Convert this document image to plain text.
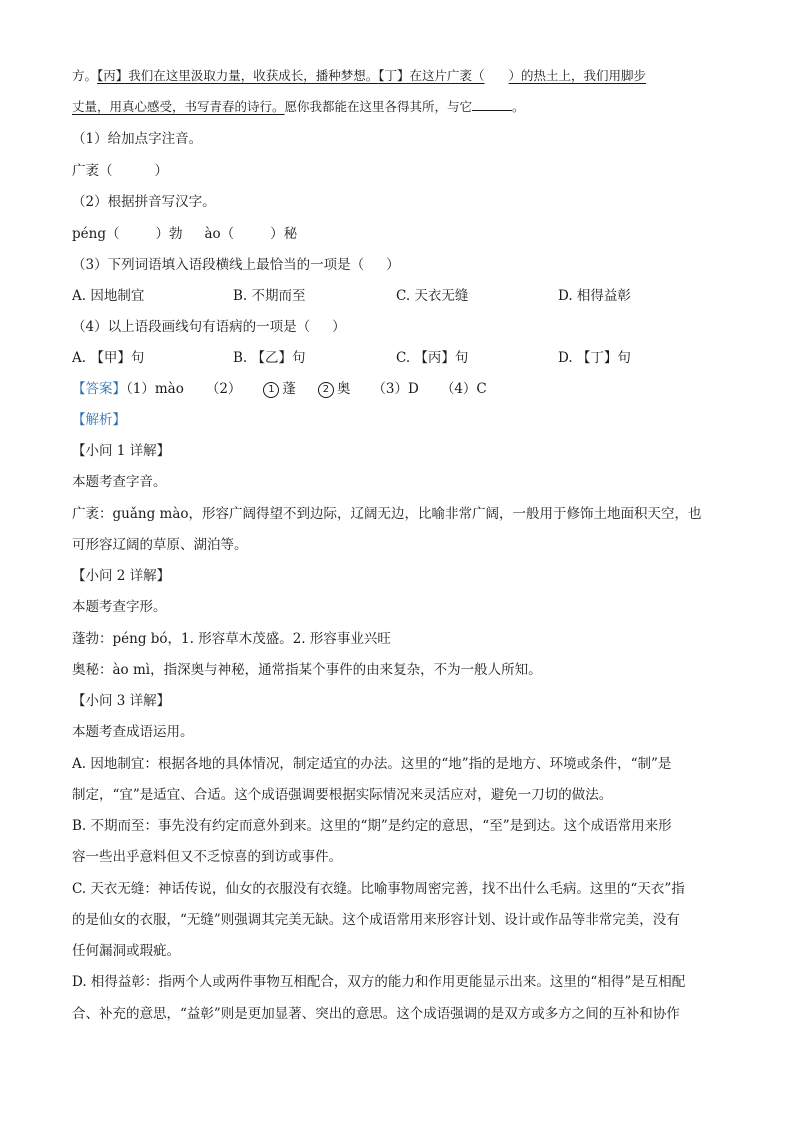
方。【丙】我们在这里汲取力量，收获成长，播种梦想。【丁】在这片广袤（ ）的热土上，我们用脚步
丈量，用真心感受，书写青春的诗行。愿你我都能在这里各得其所，与它	。
（1）给加点字注音。
广袤（	）
（2）根据拼音写汉字。
péng（	）勃 ào（	）秘
（3）下列词语填入语段横线上最恰当的一项是（ ）
A. 因地制宜	B. 不期而至	C. 天衣无缝	D. 相得益彰
（4）以上语段画线句有语病的一项是（ ）
A. 【甲】句	B. 【乙】句	C. 【丙】句	D. 【丁】句
【答案】（1）mào （2）	1 蓬	2 奥 （3）D （4）C
【解析】
【小问 1 详解】
本题考查字音。
广袤：guǎng mào，形容广阔得望不到边际，辽阔无边，比喻非常广阔，一般用于修饰土地面积天空，也
可形容辽阔的草原、湖泊等。
【小问 2 详解】
本题考查字形。
蓬勃：péng bó，1. 形容草木茂盛。2. 形容事业兴旺
奥秘：ào mì，指深奥与神秘，通常指某个事件的由来复杂，不为一般人所知。
【小问 3 详解】
本题考查成语运用。
A. 因地制宜：根据各地的具体情况，制定适宜的办法。这里的“地”指的是地方、环境或条件，“制”是
制定，“宜”是适宜、合适。这个成语强调要根据实际情况来灵活应对，避免一刀切的做法。
B. 不期而至：事先没有约定而意外到来。这里的“期”是约定的意思，“至”是到达。这个成语常用来形
容一些出乎意料但又不乏惊喜的到访或事件。
C. 天衣无缝：神话传说，仙女的衣服没有衣缝。比喻事物周密完善，找不出什么毛病。这里的“天衣”指
的是仙女的衣服，“无缝”则强调其完美无缺。这个成语常用来形容计划、设计或作品等非常完美，没有
任何漏洞或瑕疵。
D. 相得益彰：指两个人或两件事物互相配合，双方的能力和作用更能显示出来。这里的“相得”是互相配
合、补充的意思，“益彰”则是更加显著、突出的意思。这个成语强调的是双方或多方之间的互补和协作
